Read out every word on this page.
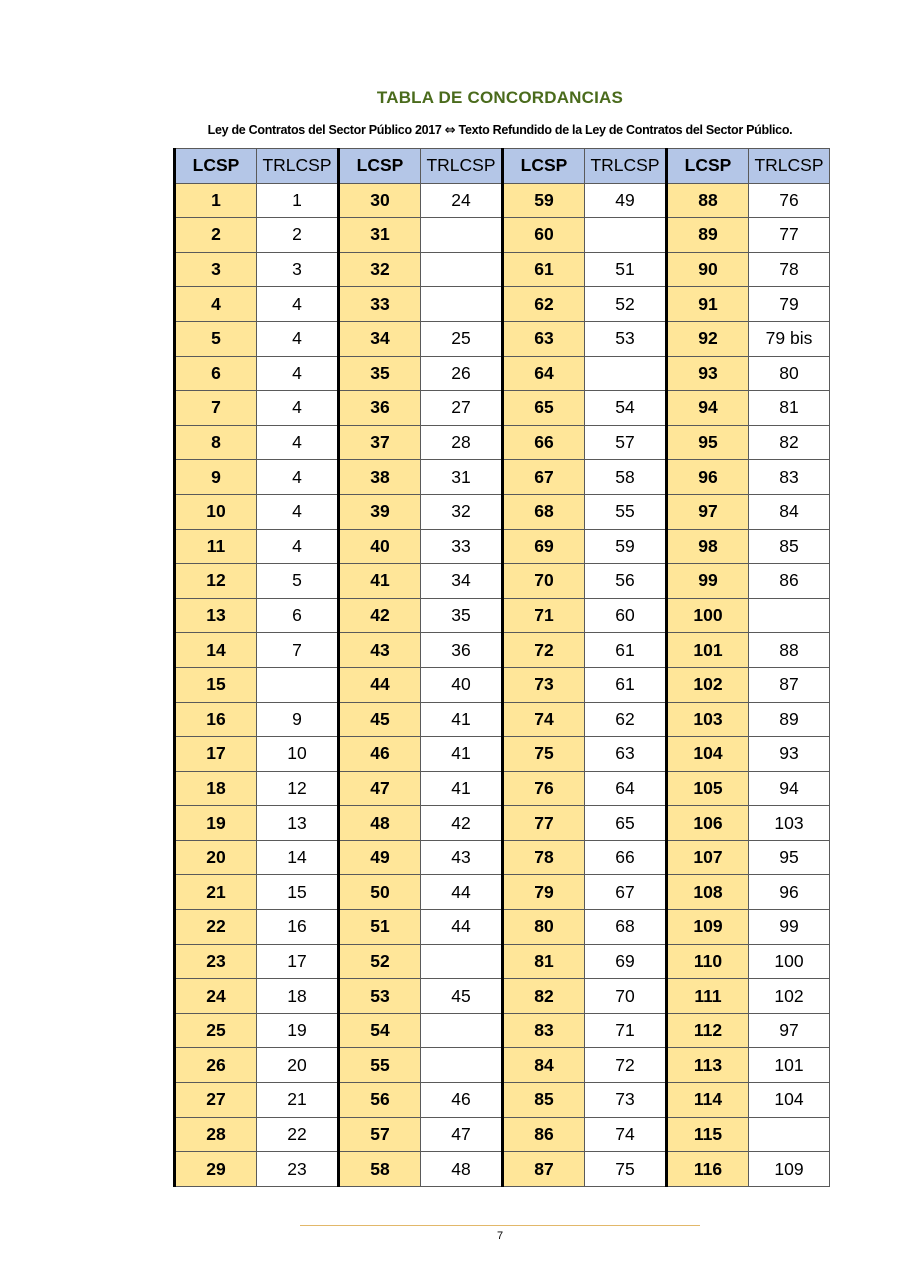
TABLA DE CONCORDANCIAS
Ley de Contratos del Sector Público 2017 ⇔ Texto Refundido de la Ley de Contratos del Sector Público.
LCSP	TRLCSP	LCSP	TRLCSP	LCSP	TRLCSP	LCSP	TRLCSP
1	1	30	24	59	49	88	76
2	2	31		60		89	77
3	3	32		61	51	90	78
4	4	33		62	52	91	79
5	4	34	25	63	53	92	79 bis
6	4	35	26	64		93	80
7	4	36	27	65	54	94	81
8	4	37	28	66	57	95	82
9	4	38	31	67	58	96	83
10	4	39	32	68	55	97	84
11	4	40	33	69	59	98	85
12	5	41	34	70	56	99	86
13	6	42	35	71	60	100	
14	7	43	36	72	61	101	88
15		44	40	73	61	102	87
16	9	45	41	74	62	103	89
17	10	46	41	75	63	104	93
18	12	47	41	76	64	105	94
19	13	48	42	77	65	106	103
20	14	49	43	78	66	107	95
21	15	50	44	79	67	108	96
22	16	51	44	80	68	109	99
23	17	52		81	69	110	100
24	18	53	45	82	70	111	102
25	19	54		83	71	112	97
26	20	55		84	72	113	101
27	21	56	46	85	73	114	104
28	22	57	47	86	74	115	
29	23	58	48	87	75	116	109
7
